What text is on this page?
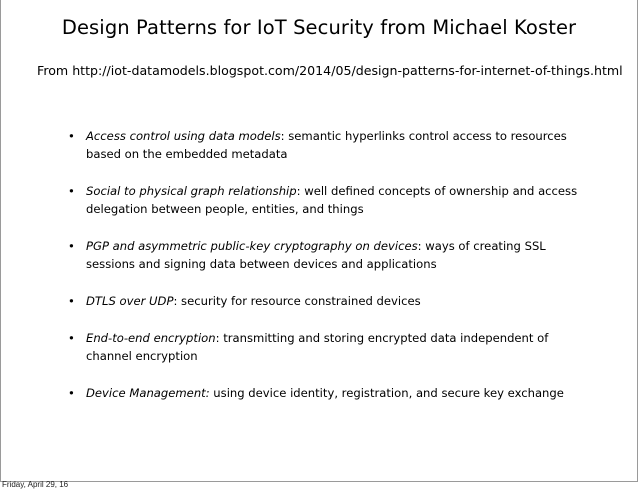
Design Patterns for IoT Security from Michael Koster
From http://iot-datamodels.blogspot.com/2014/05/design-patterns-for-internet-of-things.html
• Access control using data models: semantic hyperlinks control access to resources based on the embedded metadata
• Social to physical graph relationship: well defined concepts of ownership and access delegation between people, entities, and things
• PGP and asymmetric public-key cryptography on devices: ways of creating SSL sessions and signing data between devices and applications
• DTLS over UDP: security for resource constrained devices
• End-to-end encryption: transmitting and storing encrypted data independent of channel encryption
• Device Management: using device identity, registration, and secure key exchange
Friday, April 29, 16
